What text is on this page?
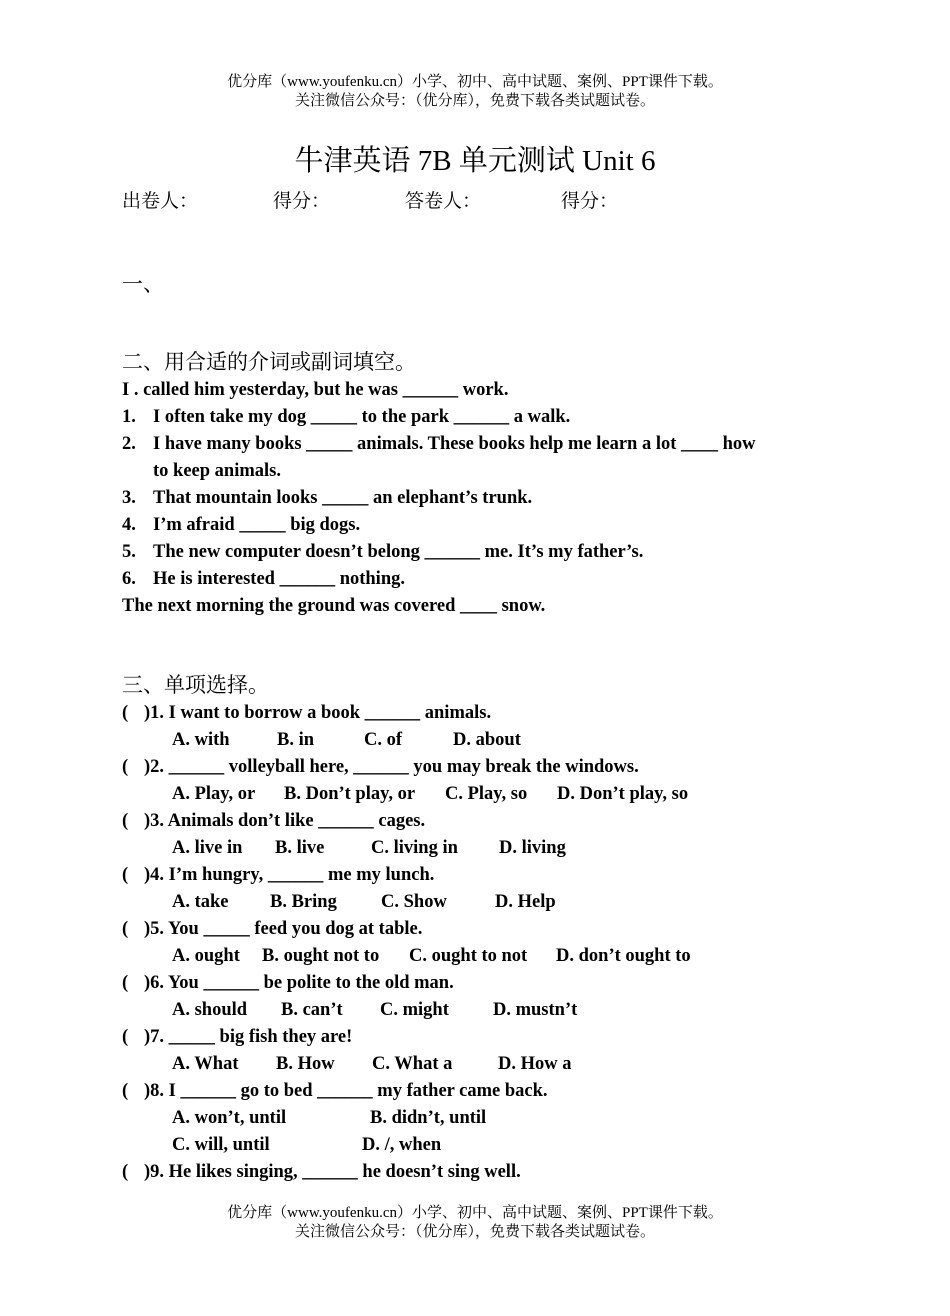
优分库（www.youfenku.cn）小学、初中、高中试题、案例、PPT课件下载。
关注微信公众号：（优分库），免费下载各类试题试卷。
牛津英语 7B 单元测试 Unit 6
出卷人：	得分：	答卷人：	得分：
一、
二、用合适的介词或副词填空。
I . called him yesterday, but he was ______ work.
1. I often take my dog _____ to the park ______ a walk.
2. I have many books _____ animals. These books help me learn a lot ____ how
to keep animals.
3. That mountain looks _____ an elephant’s trunk.
4. I’m afraid _____ big dogs.
5. The new computer doesn’t belong ______ me. It’s my father’s.
6. He is interested ______ nothing.
The next morning the ground was covered ____ snow.
三、单项选择。
( )1. I want to borrow a book ______ animals.
A. with	B. in	C. of	D. about
( )2. ______ volleyball here, ______ you may break the windows.
A. Play, or B. Don’t play, or C. Play, so D. Don’t play, so
( )3. Animals don’t like ______ cages.
A. live in B. live	C. living in D. living
( )4. I’m hungry, ______ me my lunch.
A. take B. Bring C. Show	D. Help
( )5. You _____ feed you dog at table.
A. ought B. ought not to C. ought to not D. don’t ought to
( )6. You ______ be polite to the old man.
A. should B. can’t C. might D. mustn’t
( )7. _____ big fish they are!
A. What B. How C. What a D. How a
( )8. I ______ go to bed ______ my father came back.
A. won’t, until	B. didn’t, until
C. will, until	D. /, when
( )9. He likes singing, ______ he doesn’t sing well.
优分库（www.youfenku.cn）小学、初中、高中试题、案例、PPT课件下载。
关注微信公众号：（优分库），免费下载各类试题试卷。
